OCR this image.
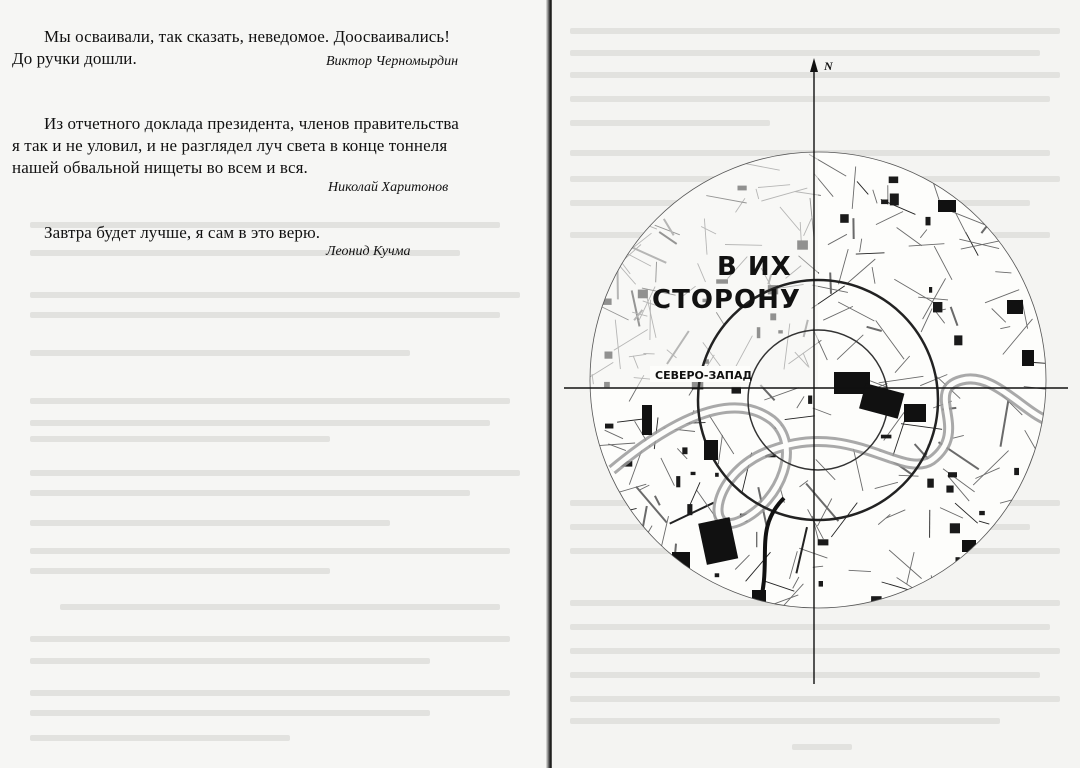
Мы осваивали, так сказать, неведомое. Доосваивались!
До ручки дошли.	Виктор Черномырдин
Из отчетного доклада президента, членов правительства
я так и не уловил, и не разглядел луч света в конце тоннеля
нашей обвальной нищеты во всем и вся.
Николай Харитонов
Завтра будет лучше, я сам в это верю.
Леонид Кучма
N
В ИХ
СТОРОНУ
СЕВЕРО-ЗАПАД
